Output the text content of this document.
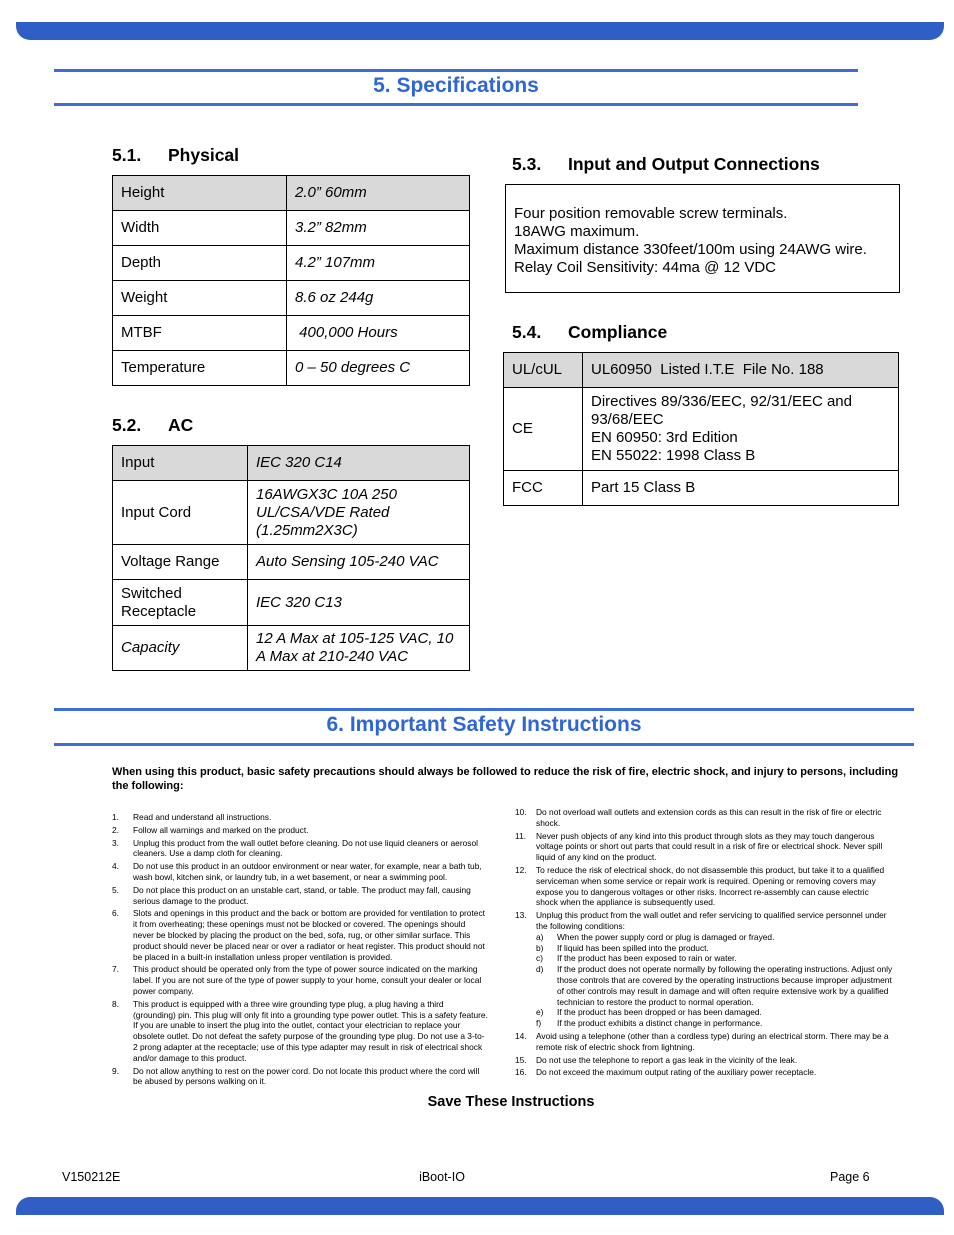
5. Specifications
5.1. Physical
Height	2.0” 60mm
Width	3.2” 82mm
Depth	4.2” 107mm
Weight	8.6 oz 244g
MTBF	400,000 Hours
Temperature	0 – 50 degrees C
5.2. AC
Input	IEC 320 C14
Input Cord	16AWGX3C 10A 250 UL/CSA/VDE Rated (1.25mm2X3C)
Voltage Range	Auto Sensing 105-240 VAC
Switched Receptacle	IEC 320 C13
Capacity	12 A Max at 105-125 VAC, 10 A Max at 210-240 VAC
5.3. Input and Output Connections
Four position removable screw terminals.
18AWG maximum.
Maximum distance 330feet/100m using 24AWG wire.
Relay Coil Sensitivity: 44ma @ 12 VDC
5.4. Compliance
UL/cUL	UL60950  Listed I.T.E  File No. 188
CE	Directives 89/336/EEC, 92/31/EEC and 93/68/EEC
EN 60950: 3rd Edition
EN 55022: 1998 Class B

FCC	Part 15 Class B
6. Important Safety Instructions
When using this product, basic safety precautions should always be followed to reduce the risk of fire, electric shock, and injury to persons, including the following:
1. Read and understand all instructions.
2. Follow all warnings and marked on the product.
3. Unplug this product from the wall outlet before cleaning. Do not use liquid cleaners or aerosol cleaners. Use a damp cloth for cleaning.
4. Do not use this product in an outdoor environment or near water, for example, near a bath tub, wash bowl, kitchen sink, or laundry tub, in a wet basement, or near a swimming pool.
5. Do not place this product on an unstable cart, stand, or table. The product may fall, causing serious damage to the product.
6. Slots and openings in this product and the back or bottom are provided for ventilation to protect it from overheating; these openings must not be blocked or covered. The openings should never be blocked by placing the product on the bed, sofa, rug, or other similar surface. This product should never be placed near or over a radiator or heat register. This product should not be placed in a built-in installation unless proper ventilation is provided.
7. This product should be operated only from the type of power source indicated on the marking label. If you are not sure of the type of power supply to your home, consult your dealer or local power company.
8. This product is equipped with a three wire grounding type plug, a plug having a third (grounding) pin. This plug will only fit into a grounding type power outlet. This is a safety feature. If you are unable to insert the plug into the outlet, contact your electrician to replace your obsolete outlet. Do not defeat the safety purpose of the grounding type plug. Do not use a 3-to-2 prong adapter at the receptacle; use of this type adapter may result in risk of electrical shock and/or damage to this product.
9. Do not allow anything to rest on the power cord. Do not locate this product where the cord will be abused by persons walking on it.
10. Do not overload wall outlets and extension cords as this can result in the risk of fire or electric shock.
11. Never push objects of any kind into this product through slots as they may touch dangerous voltage points or short out parts that could result in a risk of fire or electrical shock. Never spill liquid of any kind on the product.
12. To reduce the risk of electrical shock, do not disassemble this product, but take it to a qualified serviceman when some service or repair work is required. Opening or removing covers may expose you to dangerous voltages or other risks. Incorrect re-assembly can cause electric shock when the appliance is subsequently used.
13. Unplug this product from the wall outlet and refer servicing to qualified service personnel under the following conditions:
a) When the power supply cord or plug is damaged or frayed.
b) If liquid has been spilled into the product.
c) If the product has been exposed to rain or water.
d) If the product does not operate normally by following the operating instructions. Adjust only those controls that are covered by the operating instructions because improper adjustment of other controls may result in damage and will often require extensive work by a qualified technician to restore the product to normal operation.
e) If the product has been dropped or has been damaged.
f) If the product exhibits a distinct change in performance.
14. Avoid using a telephone (other than a cordless type) during an electrical storm. There may be a remote risk of electric shock from lightning.
15. Do not use the telephone to report a gas leak in the vicinity of the leak.
16. Do not exceed the maximum output rating of the auxiliary power receptacle.
Save These Instructions
V150212E	iBoot-IO	Page 6
